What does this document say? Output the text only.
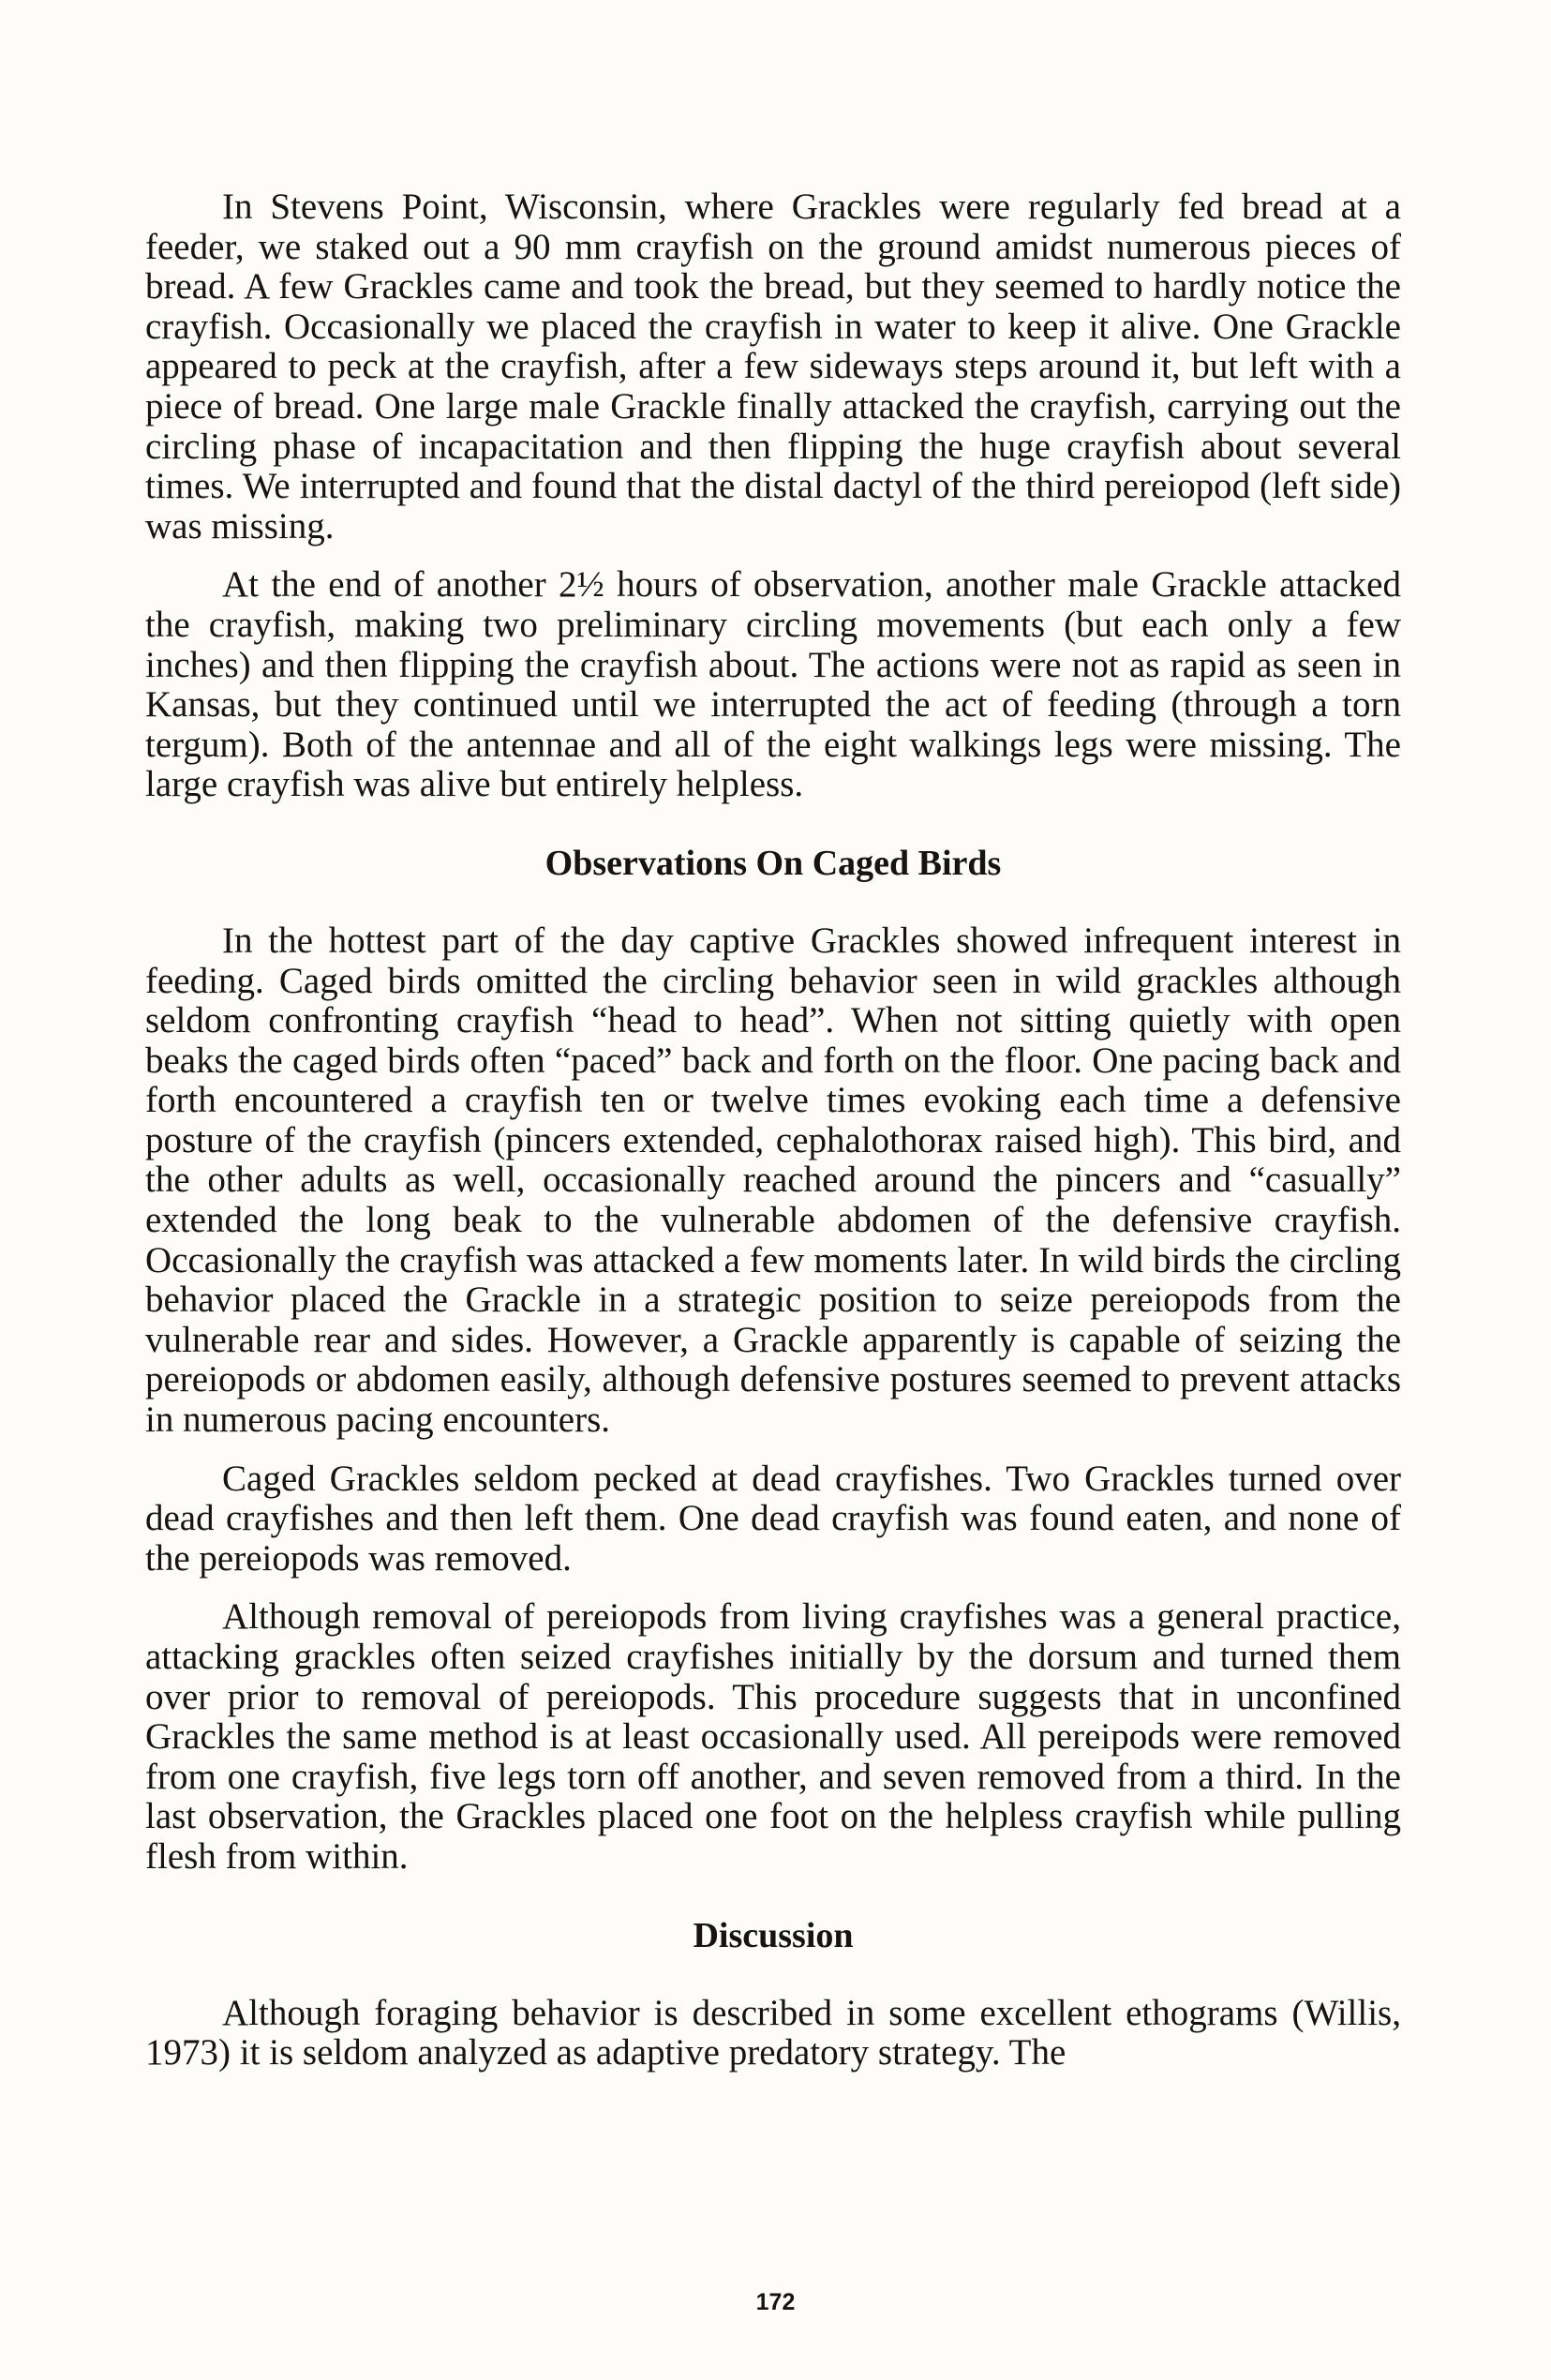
In Stevens Point, Wisconsin, where Grackles were regularly fed bread at a feeder, we staked out a 90 mm crayfish on the ground amidst numerous pieces of bread. A few Grackles came and took the bread, but they seemed to hardly notice the crayfish. Occasionally we placed the crayfish in water to keep it alive. One Grackle appeared to peck at the crayfish, after a few sideways steps around it, but left with a piece of bread. One large male Grackle finally attacked the crayfish, carrying out the circling phase of incapacitation and then flipping the huge crayfish about several times. We interrupted and found that the distal dactyl of the third pereiopod (left side) was missing.

At the end of another 2½ hours of observation, another male Grackle attacked the crayfish, making two preliminary circling movements (but each only a few inches) and then flipping the crayfish about. The actions were not as rapid as seen in Kansas, but they continued until we interrupted the act of feeding (through a torn tergum). Both of the antennae and all of the eight walkings legs were missing. The large crayfish was alive but entirely helpless.

Observations On Caged Birds

In the hottest part of the day captive Grackles showed infrequent interest in feeding. Caged birds omitted the circling behavior seen in wild grackles although seldom confronting crayfish “head to head”. When not sitting quietly with open beaks the caged birds often “paced” back and forth on the floor. One pacing back and forth encountered a crayfish ten or twelve times evoking each time a defensive posture of the crayfish (pincers extended, cephalothorax raised high). This bird, and the other adults as well, occasionally reached around the pincers and “casually” extended the long beak to the vulnerable abdomen of the defensive crayfish. Occasionally the crayfish was attacked a few moments later. In wild birds the circling behavior placed the Grackle in a strategic position to seize pereiopods from the vulnerable rear and sides. However, a Grackle apparently is capable of seizing the pereiopods or abdomen easily, although defensive postures seemed to prevent attacks in numerous pacing encounters.

Caged Grackles seldom pecked at dead crayfishes. Two Grackles turned over dead crayfishes and then left them. One dead crayfish was found eaten, and none of the pereiopods was removed.

Although removal of pereiopods from living crayfishes was a general practice, attacking grackles often seized crayfishes initially by the dorsum and turned them over prior to removal of pereiopods. This procedure suggests that in unconfined Grackles the same method is at least occasionally used. All pereipods were removed from one crayfish, five legs torn off another, and seven removed from a third. In the last observation, the Grackles placed one foot on the helpless crayfish while pulling flesh from within.

Discussion

Although foraging behavior is described in some excellent ethograms (Willis, 1973) it is seldom analyzed as adaptive predatory strategy. The

172
